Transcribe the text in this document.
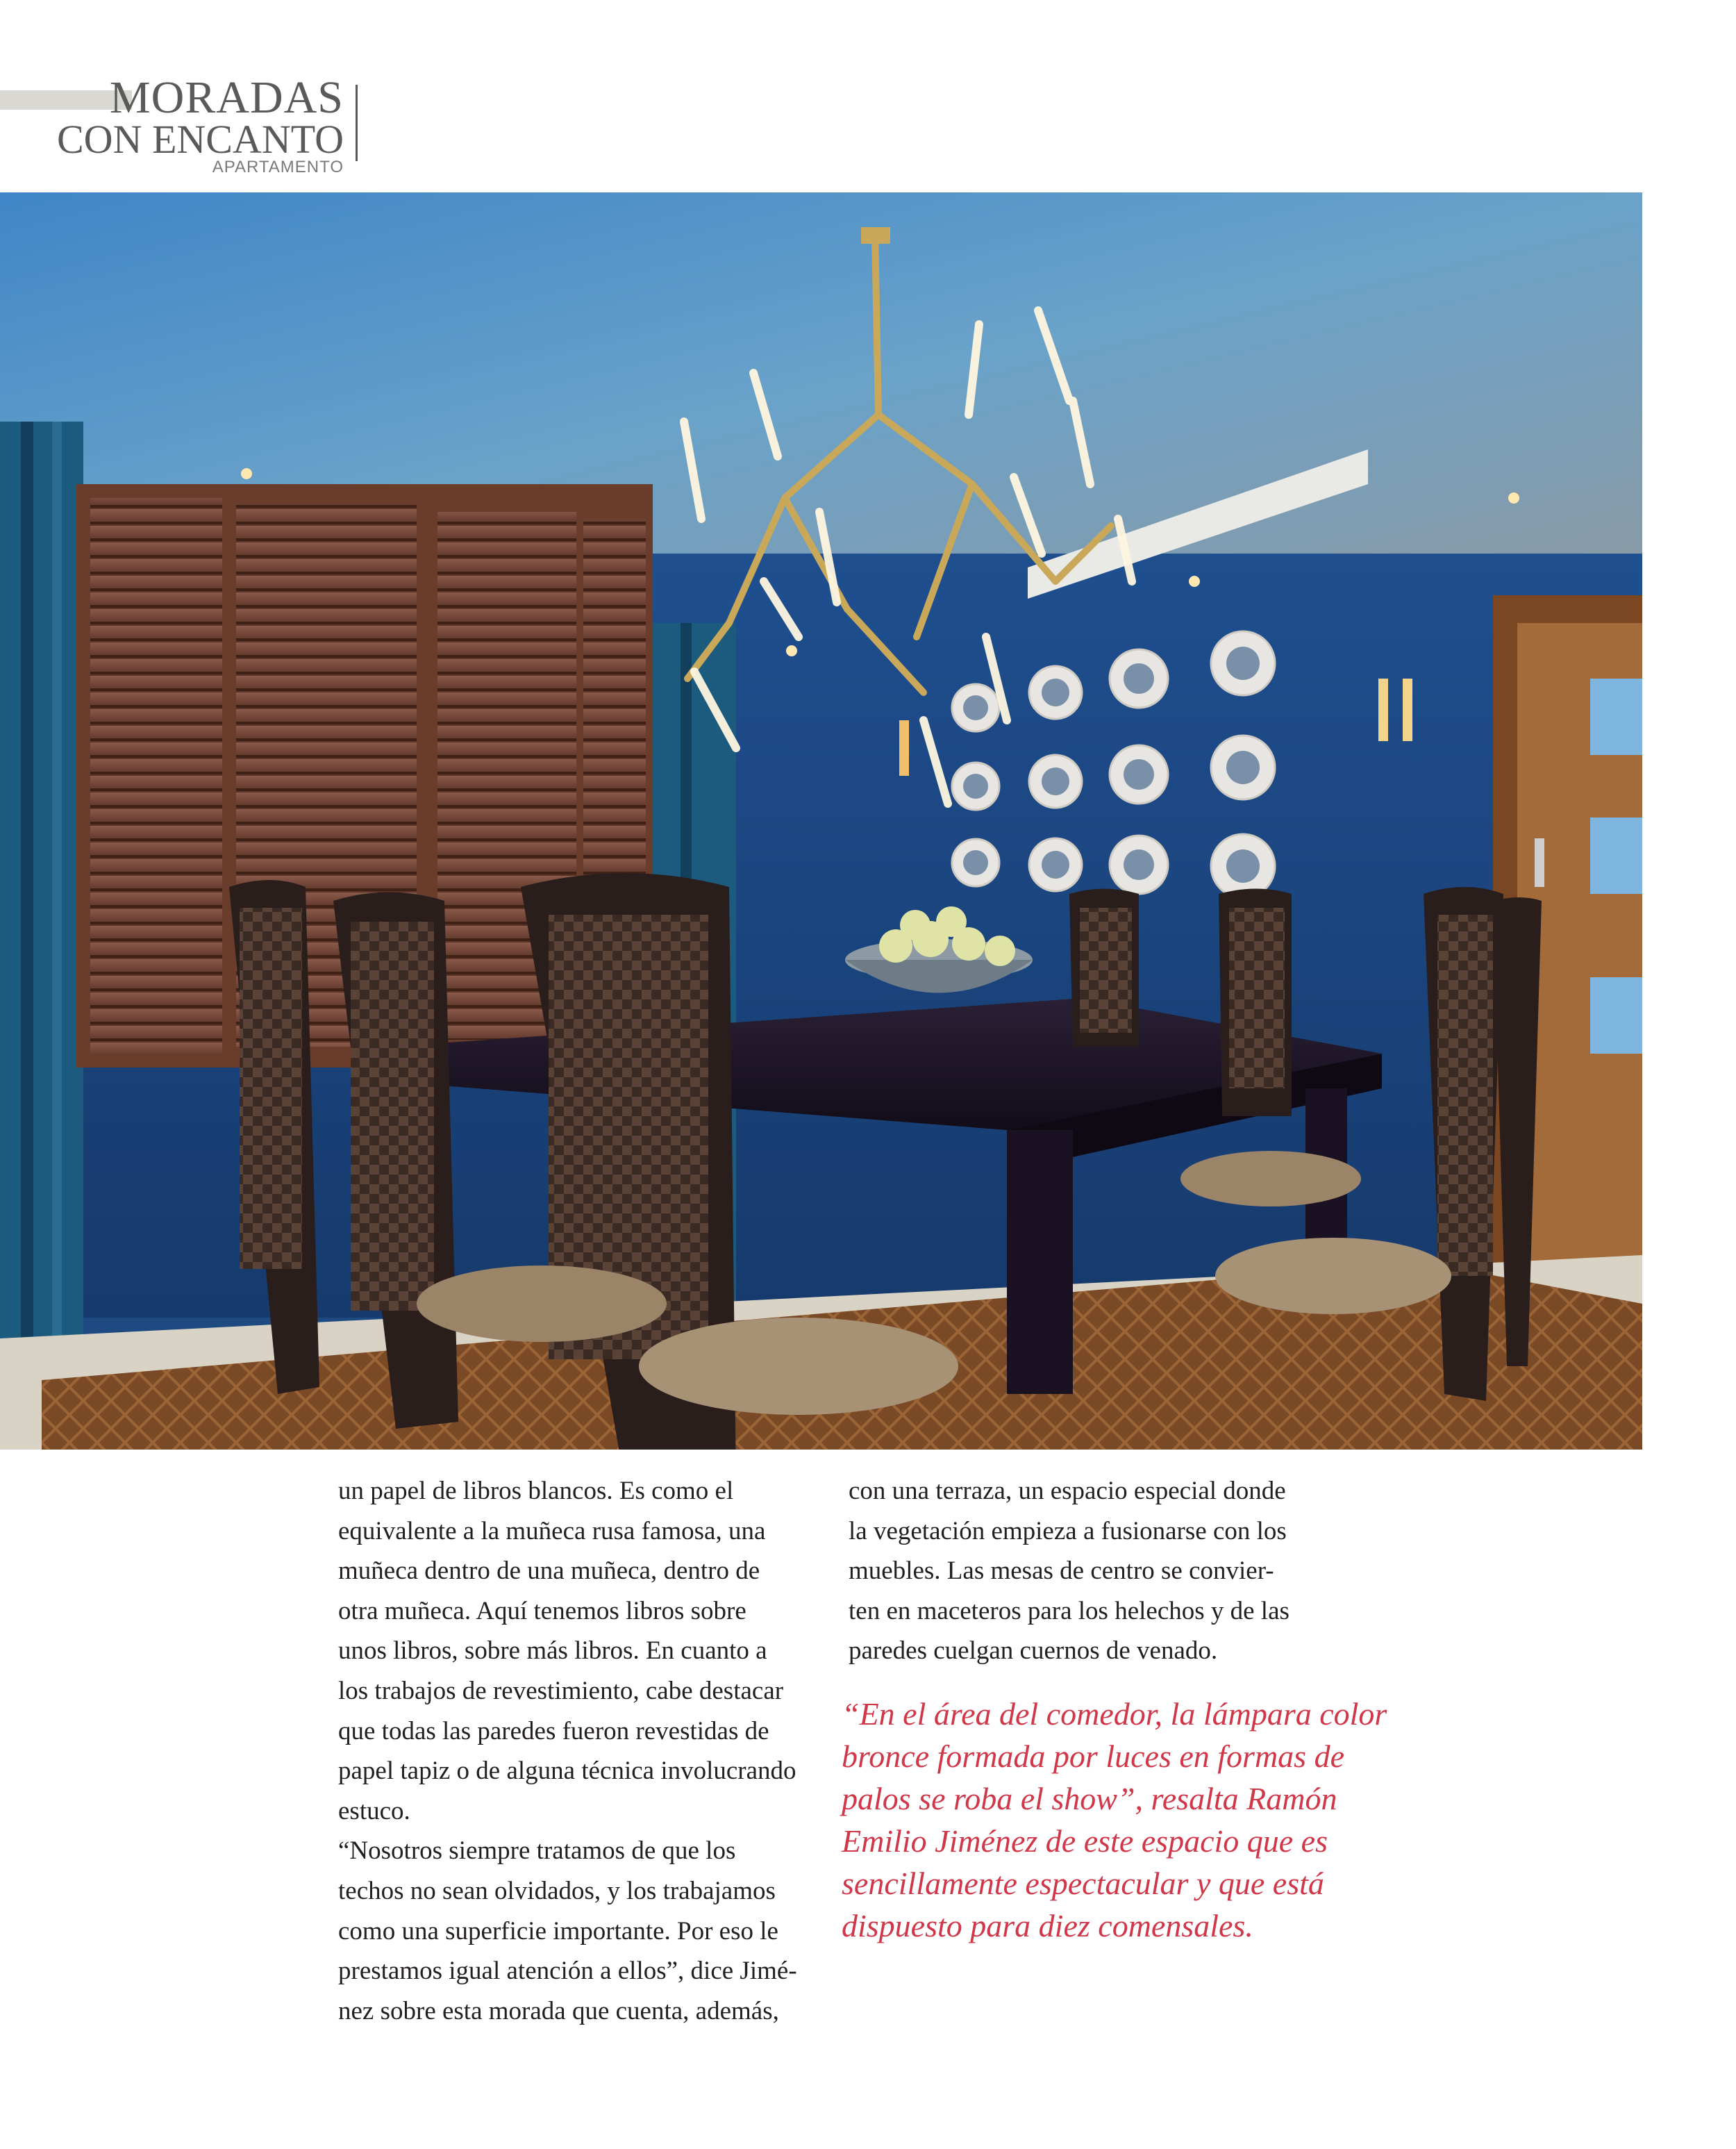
MORADAS
CON ENCANTO
APARTAMENTO
un papel de libros blancos. Es como el
equivalente a la muñeca rusa famosa, una
muñeca dentro de una muñeca, dentro de
otra muñeca. Aquí tenemos libros sobre
unos libros, sobre más libros. En cuanto a
los trabajos de revestimiento, cabe destacar
que todas las paredes fueron revestidas de
papel tapiz o de alguna técnica involucrando
estuco.
“Nosotros siempre tratamos de que los
techos no sean olvidados, y los trabajamos
como una superficie importante. Por eso le
prestamos igual atención a ellos”, dice Jimé-
nez sobre esta morada que cuenta, además,
con una terraza, un espacio especial donde
la vegetación empieza a fusionarse con los
muebles. Las mesas de centro se convier-
ten en maceteros para los helechos y de las
paredes cuelgan cuernos de venado.
“En el área del comedor, la lámpara color
bronce formada por luces en formas de
palos se roba el show”, resalta Ramón
Emilio Jiménez de este espacio que es
sencillamente espectacular y que está
dispuesto para diez comensales.
